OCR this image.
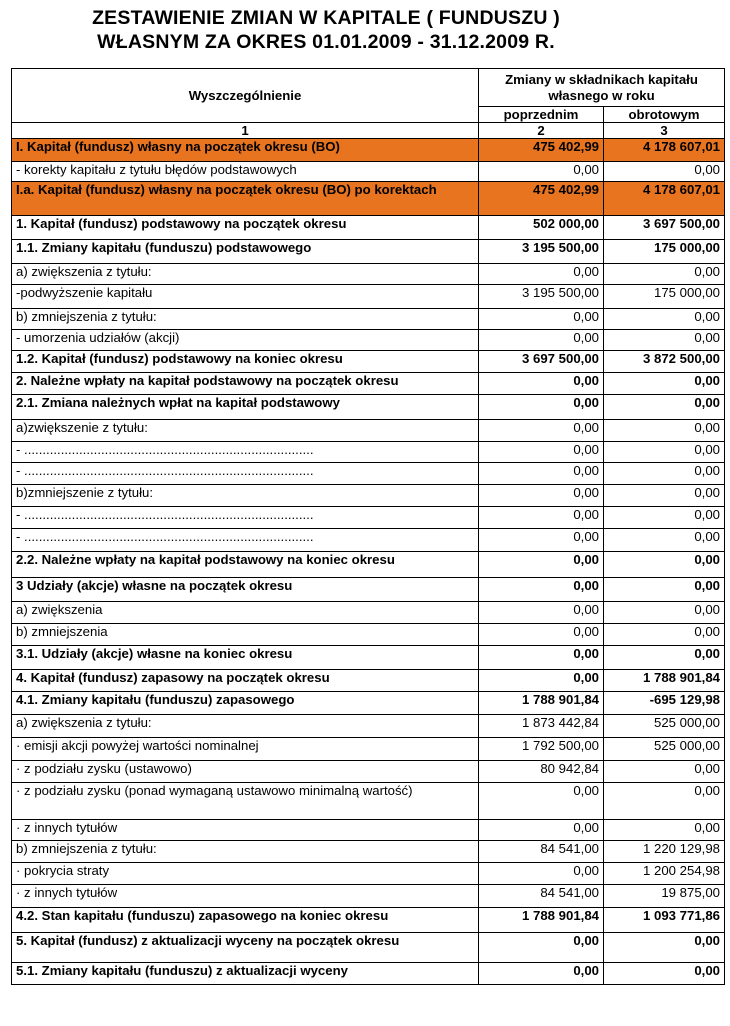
ZESTAWIENIE ZMIAN W KAPITALE ( FUNDUSZU )
WŁASNYM ZA OKRES 01.01.2009 - 31.12.2009 R.
Wyszczególnienie	Zmiany w składnikach kapitału własnego w roku	
	poprzednim	obrotowym
1	2	3
I. Kapitał (fundusz) własny na początek okresu (BO)	475 402,99	4 178 607,01
- korekty kapitału z tytułu błędów podstawowych	0,00	0,00
I.a. Kapitał (fundusz) własny na początek okresu (BO) po korektach	475 402,99	4 178 607,01
1. Kapitał (fundusz) podstawowy na początek okresu	502 000,00	3 697 500,00
1.1. Zmiany kapitału (funduszu) podstawowego	3 195 500,00	175 000,00
a) zwiększenia z tytułu:	0,00	0,00
-podwyższenie kapitału	3 195 500,00	175 000,00
b) zmniejszenia z tytułu:	0,00	0,00
- umorzenia udziałów (akcji)	0,00	0,00
1.2. Kapitał (fundusz) podstawowy na koniec okresu	3 697 500,00	3 872 500,00
2. Należne wpłaty na kapitał podstawowy na początek okresu	0,00	0,00
2.1. Zmiana należnych wpłat na kapitał podstawowy	0,00	0,00
a)zwiększenie z tytułu:	0,00	0,00
- ...............................................................................	0,00	0,00
- ...............................................................................	0,00	0,00
b)zmniejszenie z tytułu:	0,00	0,00
- ...............................................................................	0,00	0,00
- ...............................................................................	0,00	0,00
2.2. Należne wpłaty na kapitał podstawowy na koniec okresu	0,00	0,00
3 Udziały (akcje) własne na początek okresu	0,00	0,00
a) zwiększenia	0,00	0,00
b) zmniejszenia	0,00	0,00
3.1. Udziały (akcje) własne na koniec okresu	0,00	0,00
4. Kapitał (fundusz) zapasowy na początek okresu	0,00	1 788 901,84
4.1. Zmiany kapitału (funduszu) zapasowego	1 788 901,84	-695 129,98
a) zwiększenia z tytułu:	1 873 442,84	525 000,00
· emisji akcji powyżej wartości nominalnej	1 792 500,00	525 000,00
· z podziału zysku (ustawowo)	80 942,84	0,00
· z podziału zysku (ponad wymaganą ustawowo minimalną wartość)	0,00	0,00
· z innych tytułów	0,00	0,00
b) zmniejszenia z tytułu:	84 541,00	1 220 129,98
· pokrycia straty	0,00	1 200 254,98
· z innych tytułów	84 541,00	19 875,00
4.2. Stan kapitału (funduszu) zapasowego na koniec okresu	1 788 901,84	1 093 771,86
5. Kapitał (fundusz) z aktualizacji wyceny na początek okresu	0,00	0,00
5.1. Zmiany kapitału (funduszu) z aktualizacji wyceny	0,00	0,00
